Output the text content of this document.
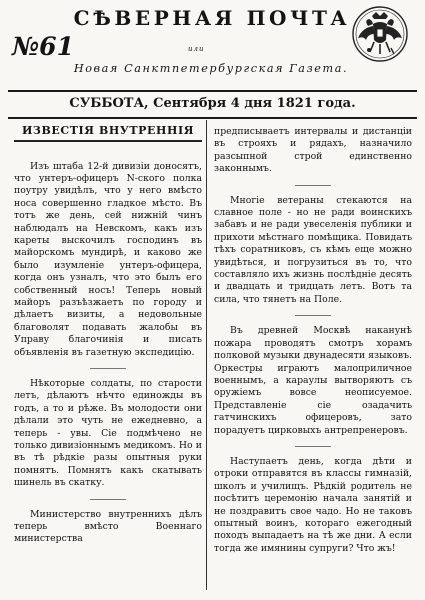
СѢВЕРНАЯ ПОЧТА
№61	или
Новая Санктпетербургская Газета.
СУББОТА, Сентября 4 дня 1821 года.
ИЗВЕСТІЯ ВНУТРЕННІЯ

Изъ штаба 12-й дивизіи доносятъ, что унтеръ-офицеръ N-ского полка поутру увидѣлъ, что у него вмѣсто носа совершенно гладкое мѣсто. Въ тотъ же день, сей нижній чинъ наблюдалъ на Невскомъ, какъ изъ кареты выскочилъ господинъ въ майорскомъ мундирѣ, и каково же было изумленіе унтеръ-офицера, когда онъ узналъ, что это былъ его собственный носъ! Теперь новый майоръ разъѣзжаетъ по городу и дѣлаетъ визиты, а недовольные благоволят подавать жалобы въ Управу благочинія и писать объявленія въ газетную экспедицію.

Нѣкоторые солдаты, по старости летъ, дѣлаютъ нѣчто единожды въ годъ, а то и рѣже. Въ молодости они дѣлали это чуть не ежедневно, а теперь - увы. Сіе подмѣчено не только дивизіоннымъ медикомъ. Но и въ тѣ рѣдкіе разы опытныя руки помнятъ. Помнятъ какъ скатывать шинель въ скатку.

Министерство внутреннихъ дѣлъ теперь вмѣсто Военнаго министерства

предписываетъ интервалы и дистанціи въ строяхъ и рядахъ, назначило разсыпной строй единственно законнымъ.

Многіе ветераны стекаются на славное поле - но не ради воинскихъ забавъ и не ради увеселенія публики и прихоти мѣстнаго помѣщика. Повидать тѣхъ соратниковъ, съ кѣмъ еще можно увидѣться, и погрузиться въ то, что составляло ихъ жизнь послѣдніе десять и двадцать и тридцать летъ. Вотъ та сила, что тянетъ на Поле.

Въ древней Москвѣ наканунѣ пожара проводятъ смотръ хорамъ полковой музыки двунадесяти языковъ. Оркестры играютъ малоприличное военнымъ, а караулы вытворяютъ съ оружіемъ вовсе неописуемое. Представленіе сіе озадачить гатчинскихъ офицеровъ, зато порадуетъ цирковыхъ антрепренеровъ.

Наступаетъ день, когда дѣти и отроки отправятся въ классы гимназій, школъ и училищъ. Рѣдкій родитель не посѣтитъ церемонію начала занятій и не поздравитъ свое чадо. Но не таковъ опытный воинъ, котораго ежегодный походъ выпадаетъ на тѣ же дни. А если тогда же имянины супруги? Что жъ!
